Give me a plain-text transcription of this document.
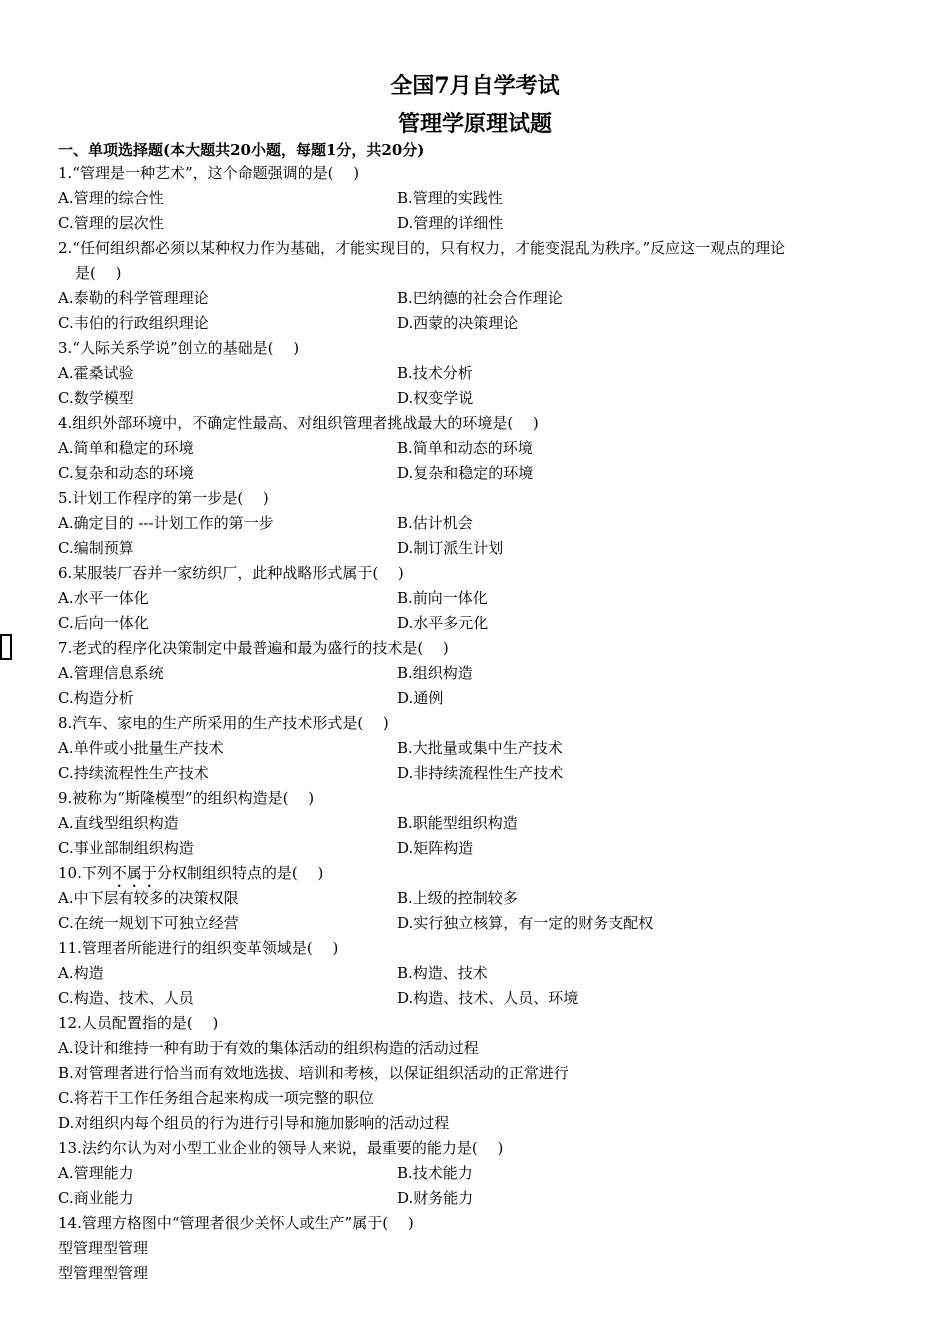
全国7月自学考试
管理学原理试题
一、单项选择题(本大题共20小题，每题1分，共20分)
1.“管理是一种艺术”，这个命题强调的是(　 )
A.管理的综合性	B.管理的实践性
C.管理的层次性	D.管理的详细性
2.“任何组织都必须以某种权力作为基础，才能实现目的，只有权力，才能变混乱为秩序。”反应这一观点的理论
是(　 )
A.泰勒的科学管理理论	B.巴纳德的社会合作理论
C.韦伯的行政组织理论	D.西蒙的决策理论
3.“人际关系学说”创立的基础是(　 )
A.霍桑试验	B.技术分析
C.数学模型	D.权变学说
4.组织外部环境中，不确定性最高、对组织管理者挑战最大的环境是(　 )
A.简单和稳定的环境	B.简单和动态的环境
C.复杂和动态的环境	D.复杂和稳定的环境
5.计划工作程序的第一步是(　 )
A.确定目的 ---计划工作的第一步	B.估计机会
C.编制预算	D.制订派生计划
6.某服装厂吞并一家纺织厂，此种战略形式属于(　 )
A.水平一体化	B.前向一体化
C.后向一体化	D.水平多元化
7.老式的程序化决策制定中最普遍和最为盛行的技术是(　 )
A.管理信息系统	B.组织构造
C.构造分析	D.通例
8.汽车、家电的生产所采用的生产技术形式是(　 )
A.单件或小批量生产技术	B.大批量或集中生产技术
C.持续流程性生产技术	D.非持续流程性生产技术
9.被称为“斯隆模型”的组织构造是(　 )
A.直线型组织构造	B.职能型组织构造
C.事业部制组织构造	D.矩阵构造
10.下列不属于分权制组织特点的是(　 )
A.中下层有较多的决策权限	B.上级的控制较多
C.在统一规划下可独立经营	D.实行独立核算，有一定的财务支配权
11.管理者所能进行的组织变革领域是(　 )
A.构造	B.构造、技术
C.构造、技术、人员	D.构造、技术、人员、环境
12.人员配置指的是(　 )
A.设计和维持一种有助于有效的集体活动的组织构造的活动过程
B.对管理者进行恰当而有效地选拔、培训和考核，以保证组织活动的正常进行
C.将若干工作任务组合起来构成一项完整的职位
D.对组织内每个组员的行为进行引导和施加影响的活动过程
13.法约尔认为对小型工业企业的领导人来说，最重要的能力是(　 )
A.管理能力	B.技术能力
C.商业能力	D.财务能力
14.管理方格图中“管理者很少关怀人或生产”属于(　 )
型管理型管理
型管理型管理
